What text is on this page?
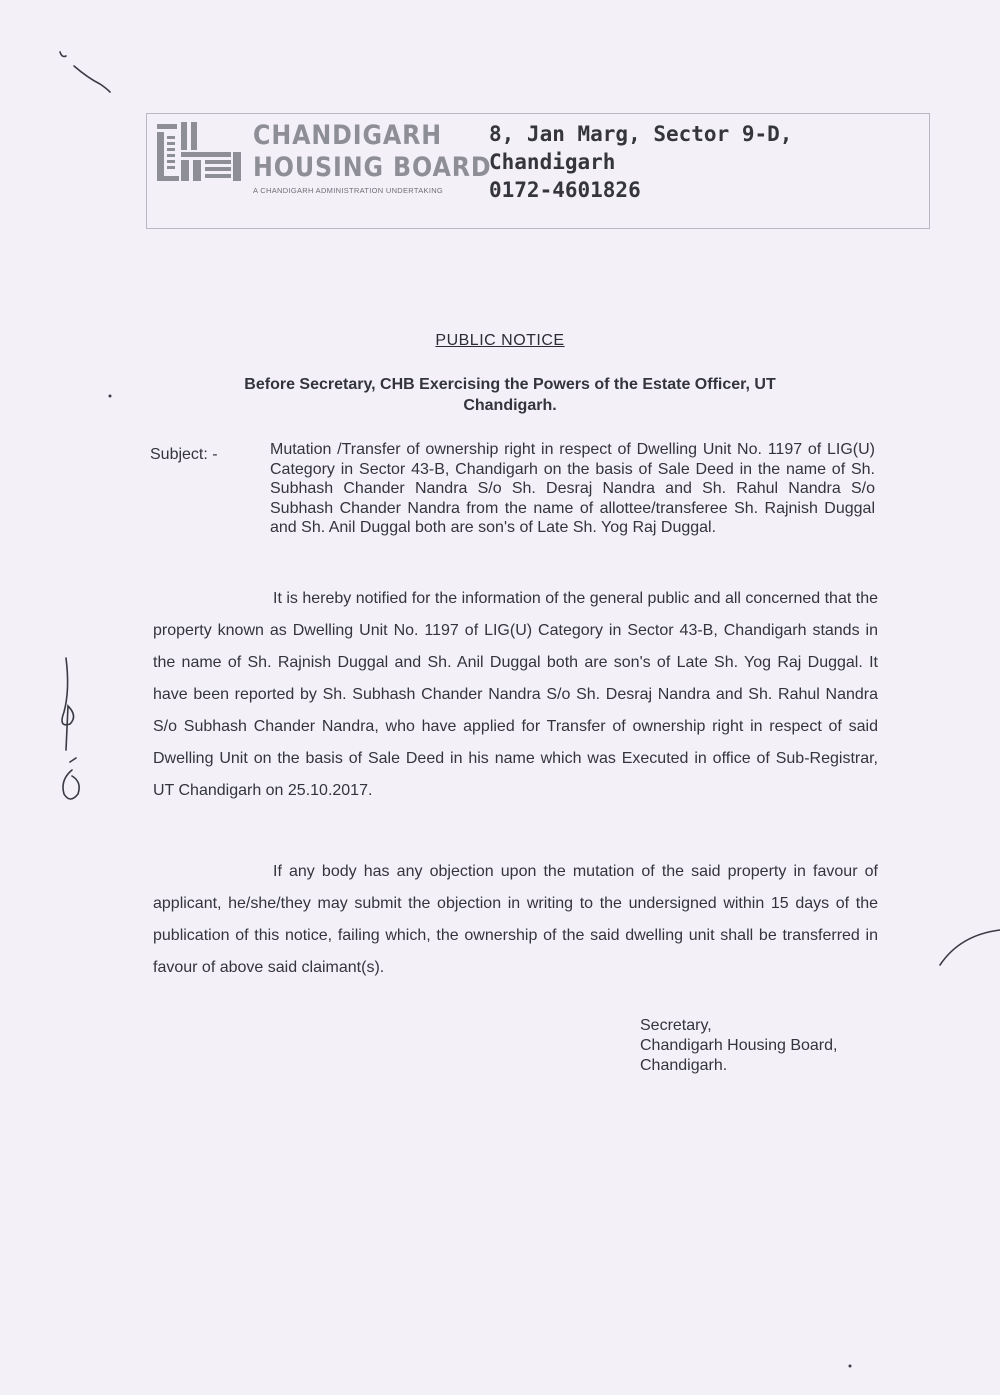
CHANDIGARH
HOUSING BOARD
A CHANDIGARH ADMINISTRATION UNDERTAKING
8, Jan Marg, Sector 9-D,
Chandigarh
0172-4601826
PUBLIC NOTICE
Before Secretary, CHB Exercising the Powers of the Estate Officer, UT Chandigarh.
Subject: -	Mutation /Transfer of ownership right in respect of Dwelling Unit No. 1197 of LIG(U) Category in Sector 43-B, Chandigarh on the basis of Sale Deed in the name of Sh. Subhash Chander Nandra S/o Sh. Desraj Nandra and Sh. Rahul Nandra S/o Subhash Chander Nandra from the name of allottee/transferee Sh. Rajnish Duggal and Sh. Anil Duggal both are son's of Late Sh. Yog Raj Duggal.
It is hereby notified for the information of the general public and all concerned that the property known as Dwelling Unit No. 1197 of LIG(U) Category in Sector 43-B, Chandigarh stands in the name of Sh. Rajnish Duggal and Sh. Anil Duggal both are son's of Late Sh. Yog Raj Duggal. It have been reported by Sh. Subhash Chander Nandra S/o Sh. Desraj Nandra and Sh. Rahul Nandra S/o Subhash Chander Nandra, who have applied for Transfer of ownership right in respect of said Dwelling Unit on the basis of Sale Deed in his name which was Executed in office of Sub-Registrar, UT Chandigarh on 25.10.2017.
If any body has any objection upon the mutation of the said property in favour of applicant, he/she/they may submit the objection in writing to the undersigned within 15 days of the publication of this notice, failing which, the ownership of the said dwelling unit shall be transferred in favour of above said claimant(s).
Secretary,
Chandigarh Housing Board,
Chandigarh.
